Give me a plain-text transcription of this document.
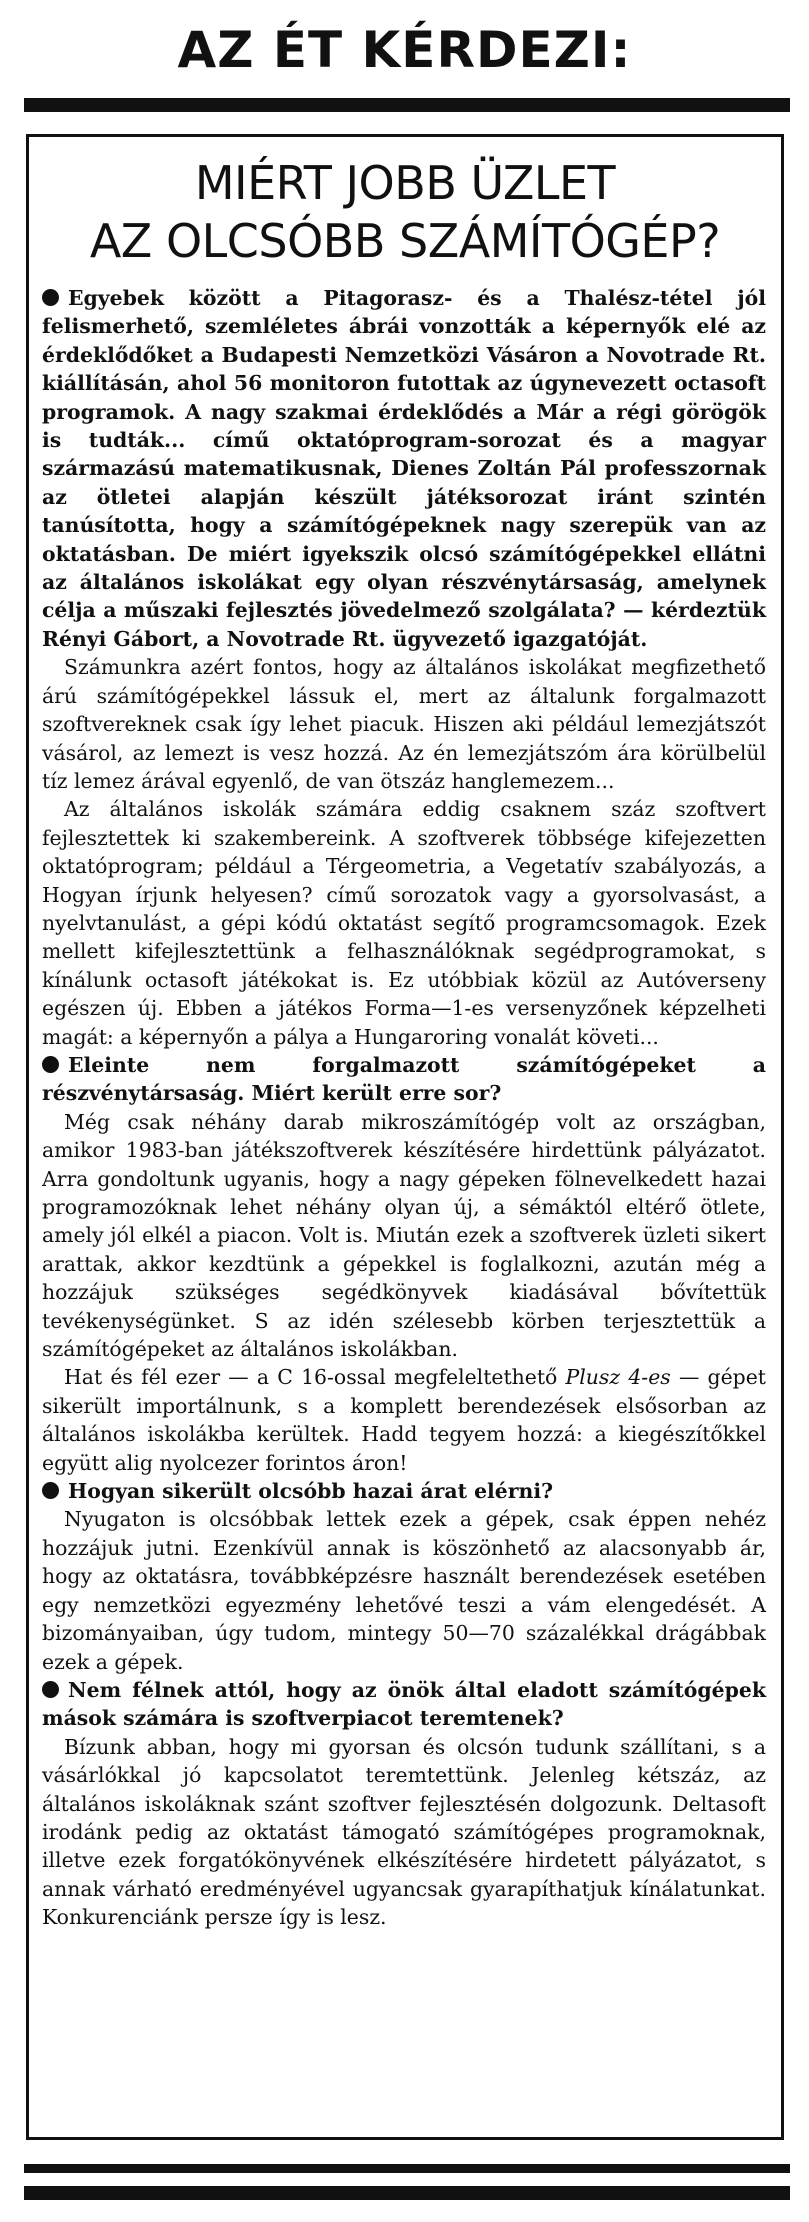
AZ ÉT KÉRDEZI:
MIÉRT JOBB ÜZLET
AZ OLCSÓBB SZÁMÍTÓGÉP?

Egyebek között a Pitagorasz- és a Thalész-tétel jól felismerhető, szemléletes ábrái vonzották a képernyők elé az érdeklődőket a Budapesti Nemzetközi Vásáron a Novotrade Rt. kiállításán, ahol 56 monitoron futottak az úgynevezett octasoft programok. A nagy szakmai érdeklődés a Már a régi görögök is tudták... című oktatóprogram-sorozat és a magyar származású matematikusnak, Dienes Zoltán Pál professzornak az ötletei alapján készült játéksorozat iránt szintén tanúsította, hogy a számítógépeknek nagy szerepük van az oktatásban. De miért igyekszik olcsó számítógépekkel ellátni az általános iskolákat egy olyan részvénytársaság, amelynek célja a műszaki fejlesztés jövedelmező szolgálata? — kérdeztük Rényi Gábort, a Novotrade Rt. ügyvezető igazgatóját.

Számunkra azért fontos, hogy az általános iskolákat megfizethető árú számítógépekkel lássuk el, mert az általunk forgalmazott szoftvereknek csak így lehet piacuk. Hiszen aki például lemezjátszót vásárol, az lemezt is vesz hozzá. Az én lemezjátszóm ára körülbelül tíz lemez árával egyenlő, de van ötszáz hanglemezem...

Az általános iskolák számára eddig csaknem száz szoftvert fejlesztettek ki szakembereink. A szoftverek többsége kifejezetten oktatóprogram; például a Térgeometria, a Vegetatív szabályozás, a Hogyan írjunk helyesen? című sorozatok vagy a gyorsolvasást, a nyelvtanulást, a gépi kódú oktatást segítő programcsomagok. Ezek mellett kifejlesztettünk a felhasználóknak segédprogramokat, s kínálunk octasoft játékokat is. Ez utóbbiak közül az Autóverseny egészen új. Ebben a játékos Forma—1-es versenyzőnek képzelheti magát: a képernyőn a pálya a Hungaroring vonalát követi...

Eleinte nem forgalmazott számítógépeket a részvénytársaság. Miért került erre sor?

Még csak néhány darab mikroszámítógép volt az országban, amikor 1983-ban játékszoftverek készítésére hirdettünk pályázatot. Arra gondoltunk ugyanis, hogy a nagy gépeken fölnevelkedett hazai programozóknak lehet néhány olyan új, a sémáktól eltérő ötlete, amely jól elkél a piacon. Volt is. Miután ezek a szoftverek üzleti sikert arattak, akkor kezdtünk a gépekkel is foglalkozni, azután még a hozzájuk szükséges segédkönyvek kiadásával bővítettük tevékenységünket. S az idén szélesebb körben terjesztettük a számítógépeket az általános iskolákban.

Hat és fél ezer — a C 16-ossal megfeleltethető Plusz 4-es — gépet sikerült importálnunk, s a komplett berendezések elsősorban az általános iskolákba kerültek. Hadd tegyem hozzá: a kiegészítőkkel együtt alig nyolcezer forintos áron!

Hogyan sikerült olcsóbb hazai árat elérni?

Nyugaton is olcsóbbak lettek ezek a gépek, csak éppen nehéz hozzájuk jutni. Ezenkívül annak is köszönhető az alacsonyabb ár, hogy az oktatásra, továbbképzésre használt berendezések esetében egy nemzetközi egyezmény lehetővé teszi a vám elengedését. A bizományaiban, úgy tudom, mintegy 50—70 százalékkal drágábbak ezek a gépek.

Nem félnek attól, hogy az önök által eladott számítógépek mások számára is szoftverpiacot teremtenek?

Bízunk abban, hogy mi gyorsan és olcsón tudunk szállítani, s a vásárlókkal jó kapcsolatot teremtettünk. Jelenleg kétszáz, az általános iskoláknak szánt szoftver fejlesztésén dolgozunk. Deltasoft irodánk pedig az oktatást támogató számítógépes programoknak, illetve ezek forgatókönyvének elkészítésére hirdetett pályázatot, s annak várható eredményével ugyancsak gyarapíthatjuk kínálatunkat. Konkurenciánk persze így is lesz.
